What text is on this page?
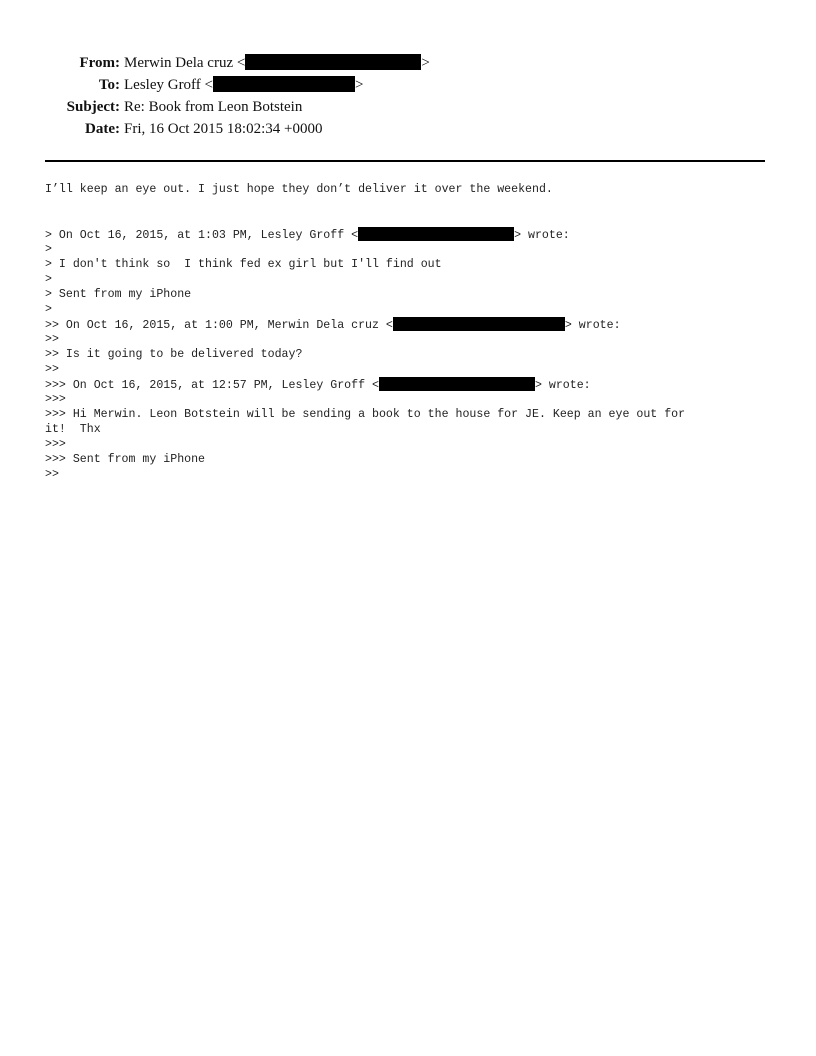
From: Merwin Dela cruz <	>
To: Lesley Groff <	>
Subject: Re: Book from Leon Botstein
Date: Fri, 16 Oct 2015 18:02:34 +0000
I’ll keep an eye out. I just hope they don’t deliver it over the weekend.
> On Oct 16, 2015, at 1:03 PM, Lesley Groff <	> wrote:
>
> I don't think so  I think fed ex girl but I'll find out
>
> Sent from my iPhone
>
>> On Oct 16, 2015, at 1:00 PM, Merwin Dela cruz <	> wrote:
>>
>> Is it going to be delivered today?
>>
>>> On Oct 16, 2015, at 12:57 PM, Lesley Groff <	> wrote:
>>>
>>> Hi Merwin. Leon Botstein will be sending a book to the house for JE. Keep an eye out for
it!  Thx
>>>
>>> Sent from my iPhone
>>
